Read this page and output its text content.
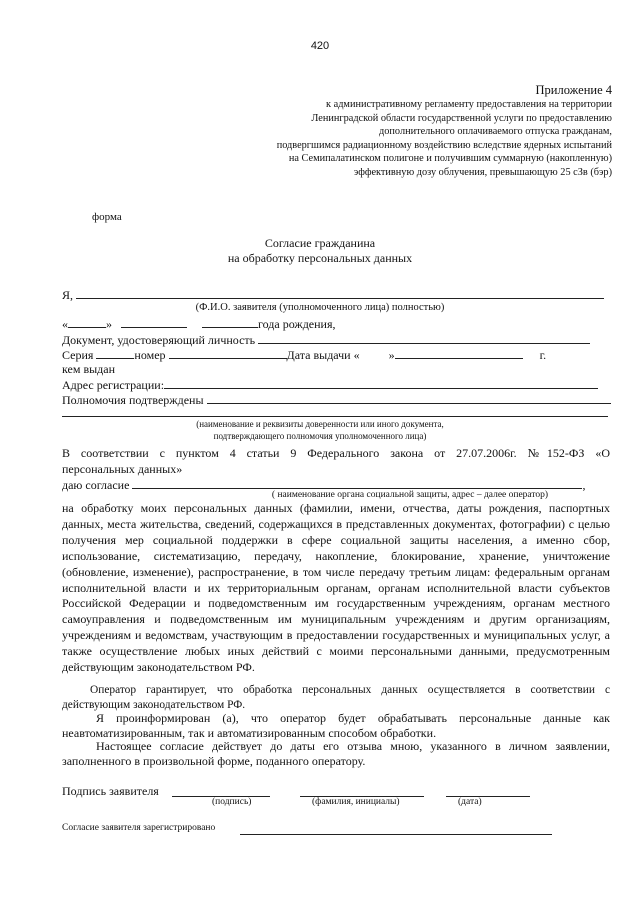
420
Приложение 4
к административному регламенту предоставления на территории
Ленинградской области государственной услуги по предоставлению
дополнительного оплачиваемого отпуска гражданам,
подвергшимся радиационному воздействию вследствие ядерных испытаний
на Семипалатинском полигоне и получившим суммарную (накопленную)
эффективную дозу облучения, превышающую 25 сЗв (бэр)
форма
Согласие гражданина
на обработку персональных данных
Я,
(Ф.И.О. заявителя (уполномоченного лица) полностью)
«	»	года рождения,
Документ, удостоверяющий личность
Серия	номер	Дата выдачи « »	г.
кем выдан
Адрес регистрации:
Полномочия подтверждены
(наименование и реквизиты доверенности или иного документа,
подтверждающего полномочия уполномоченного лица)
В соответствии с пунктом 4 статьи 9 Федерального закона от 27.07.2006г. №152-ФЗ «О
персональных данных»
даю согласие	,
( наименование органа социальной защиты, адрес – далее оператор)
на обработку моих персональных данных (фамилии, имени, отчества, даты рождения, паспортных данных, места жительства, сведений, содержащихся в представленных документах, фотографии) с целью получения мер социальной поддержки в сфере социальной защиты населения, а именно сбор, использование, систематизацию, передачу, накопление, блокирование, хранение, уничтожение (обновление, изменение), распространение, в том числе передачу третьим лицам: федеральным органам исполнительной власти и их территориальным органам, органам исполнительной власти субъектов Российской Федерации и подведомственным им государственным учреждениям, органам местного самоуправления и подведомственным им муниципальным учреждениям и другим организациям, учреждениям и ведомствам, участвующим в предоставлении государственных и муниципальных услуг, а также осуществление любых иных действий с моими персональными данными, предусмотренным действующим законодательством РФ.
Оператор гарантирует, что обработка персональных данных осуществляется в соответствии с действующим законодательством РФ.
Я проинформирован (а), что оператор будет обрабатывать персональные данные как неавтоматизированным, так и автоматизированным способом обработки.
Настоящее согласие действует до даты его отзыва мною, указанного в личном заявлении, заполненного в произвольной форме, поданного оператору.
Подпись заявителя
(подпись)	(фамилия, инициалы)	(дата)
Согласие заявителя зарегистрировано
